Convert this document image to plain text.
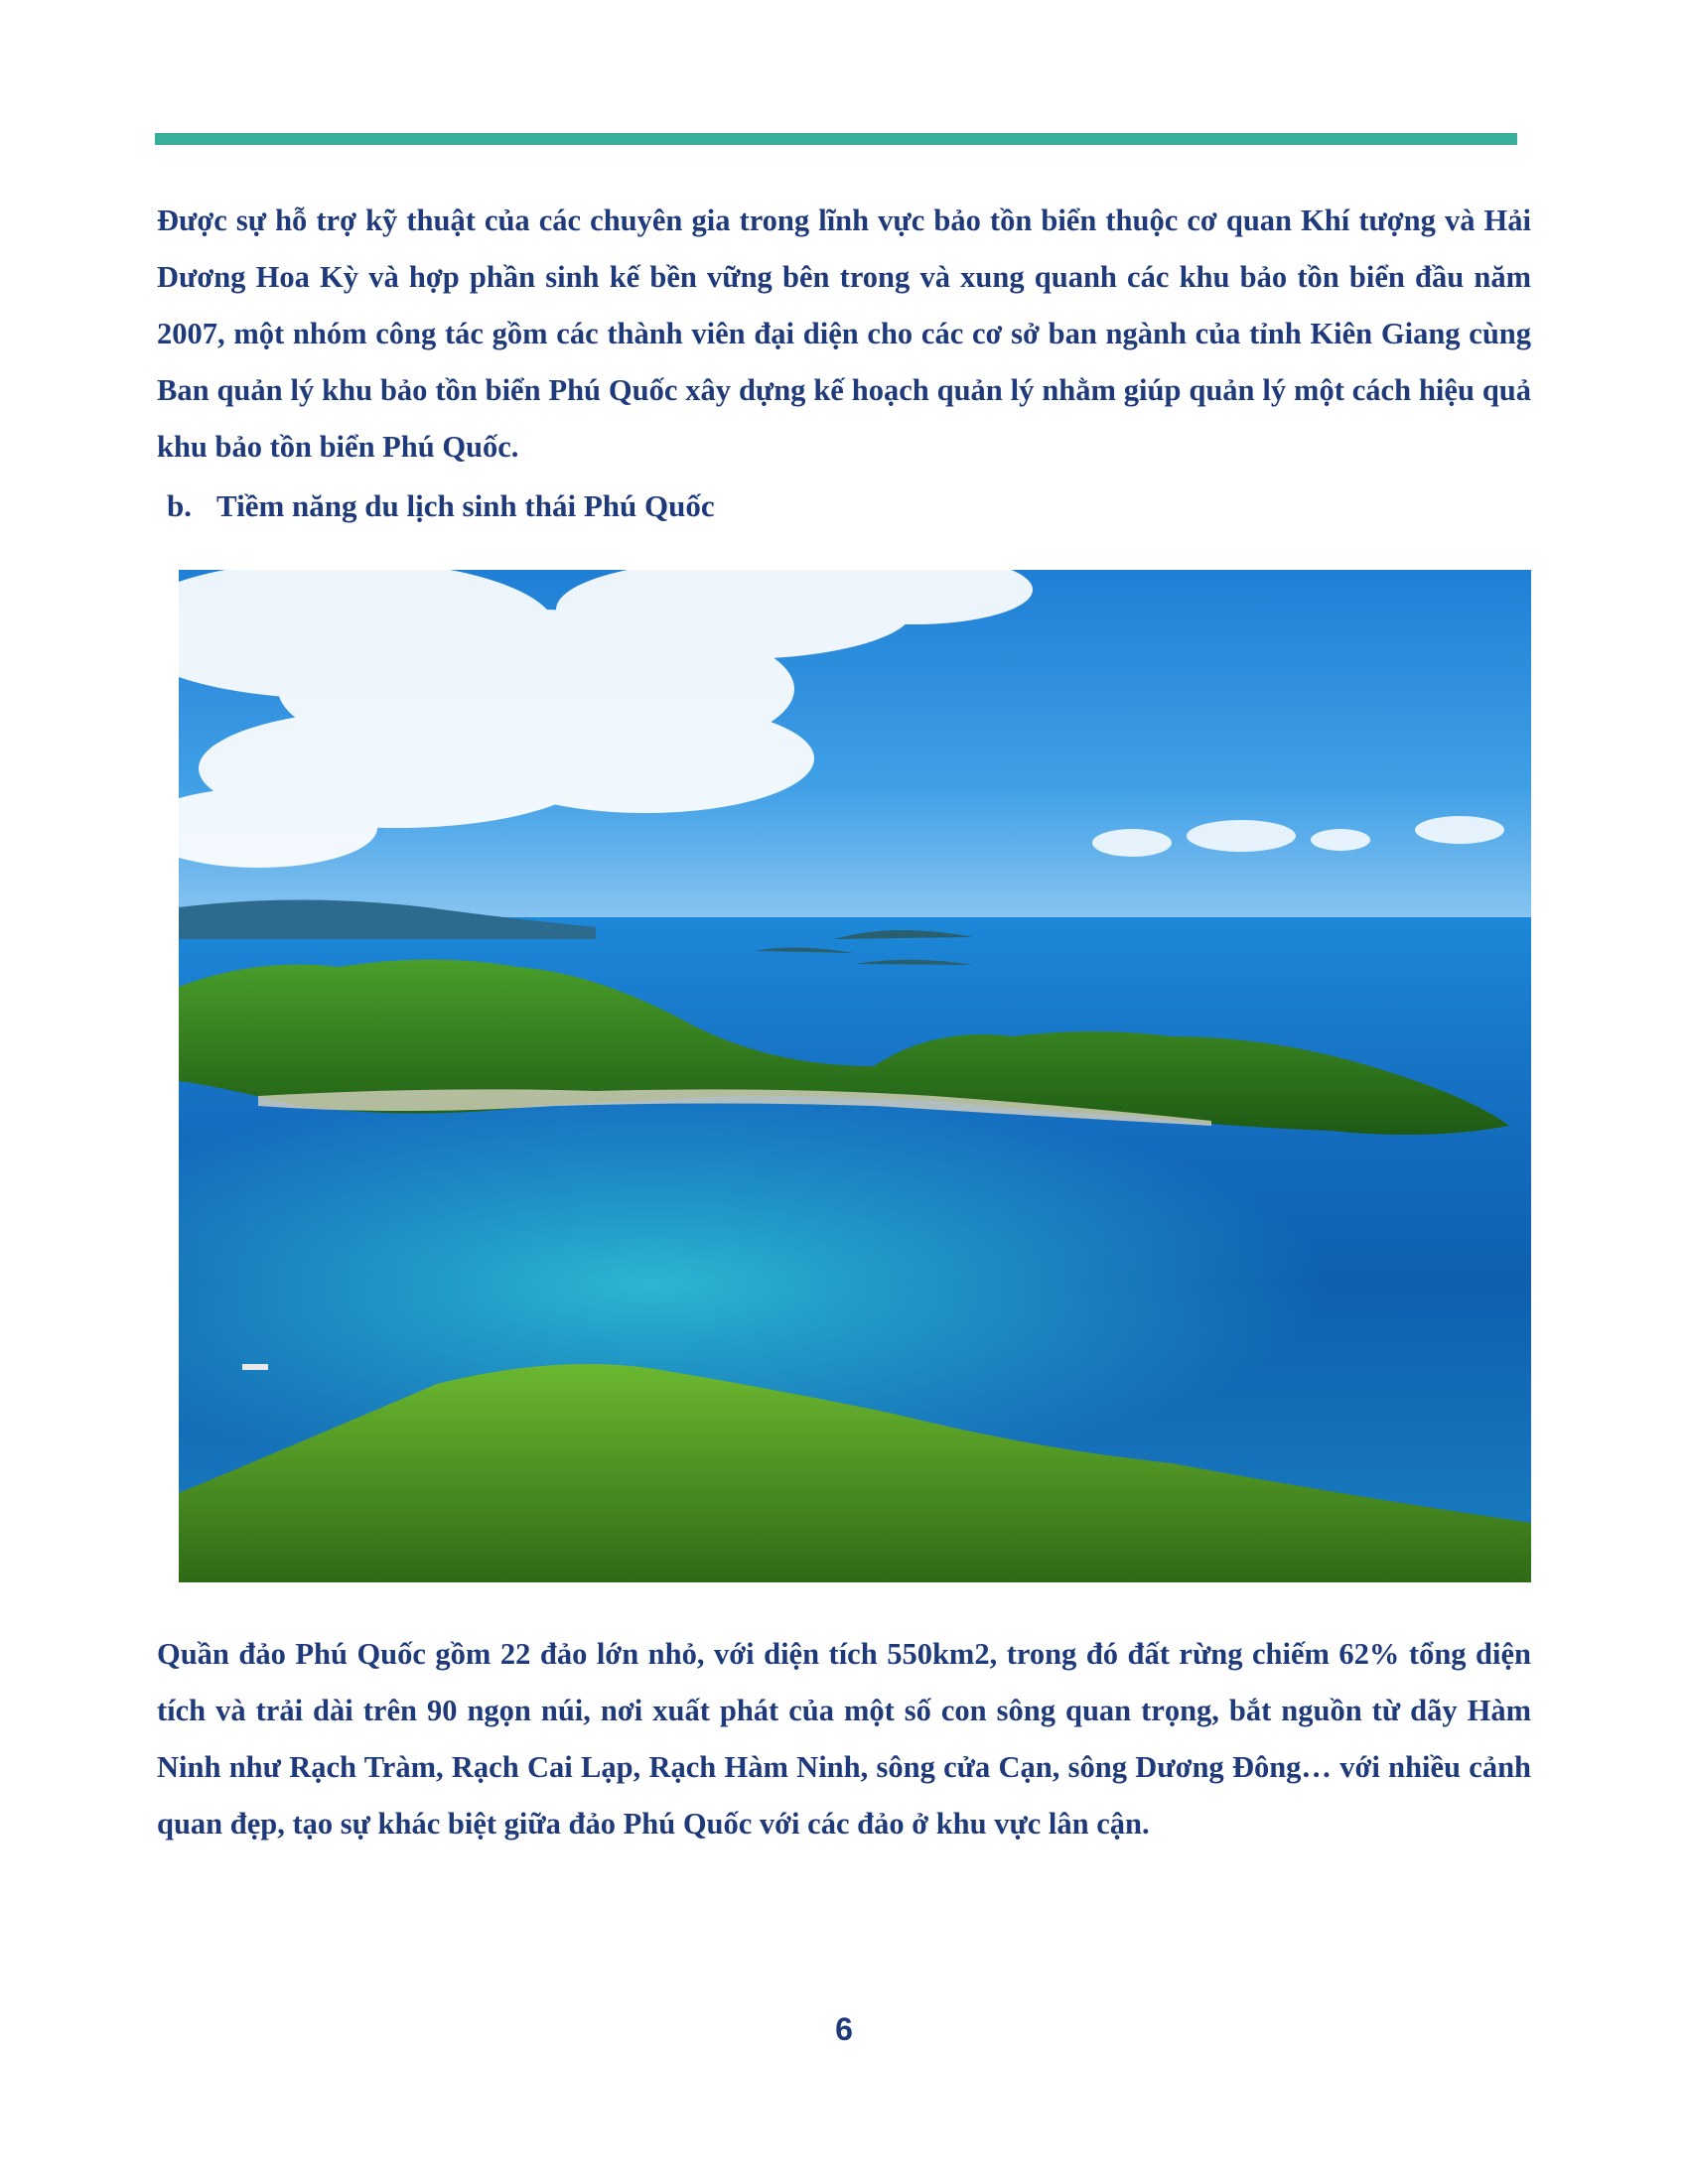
Được sự hỗ trợ kỹ thuật của các chuyên gia trong lĩnh vực bảo tồn biển thuộc cơ quan Khí tượng và Hải Dương Hoa Kỳ và hợp phần sinh kế bền vững bên trong và xung quanh các khu bảo tồn biển đầu năm 2007, một nhóm công tác gồm các thành viên đại diện cho các cơ sở ban ngành của tỉnh Kiên Giang cùng Ban quản lý khu bảo tồn biển Phú Quốc xây dựng kế hoạch quản lý nhằm giúp quản lý một cách hiệu quả khu bảo tồn biển Phú Quốc.

b. Tiềm năng du lịch sinh thái Phú Quốc

Quần đảo Phú Quốc gồm 22 đảo lớn nhỏ, với diện tích 550km2, trong đó đất rừng chiếm 62% tổng diện tích và trải dài trên 90 ngọn núi, nơi xuất phát của một số con sông quan trọng, bắt nguồn từ dãy Hàm Ninh như Rạch Tràm, Rạch Cai Lạp, Rạch Hàm Ninh, sông cửa Cạn, sông Dương Đông… với nhiều cảnh quan đẹp, tạo sự khác biệt giữa đảo Phú Quốc với các đảo ở khu vực lân cận.

6
